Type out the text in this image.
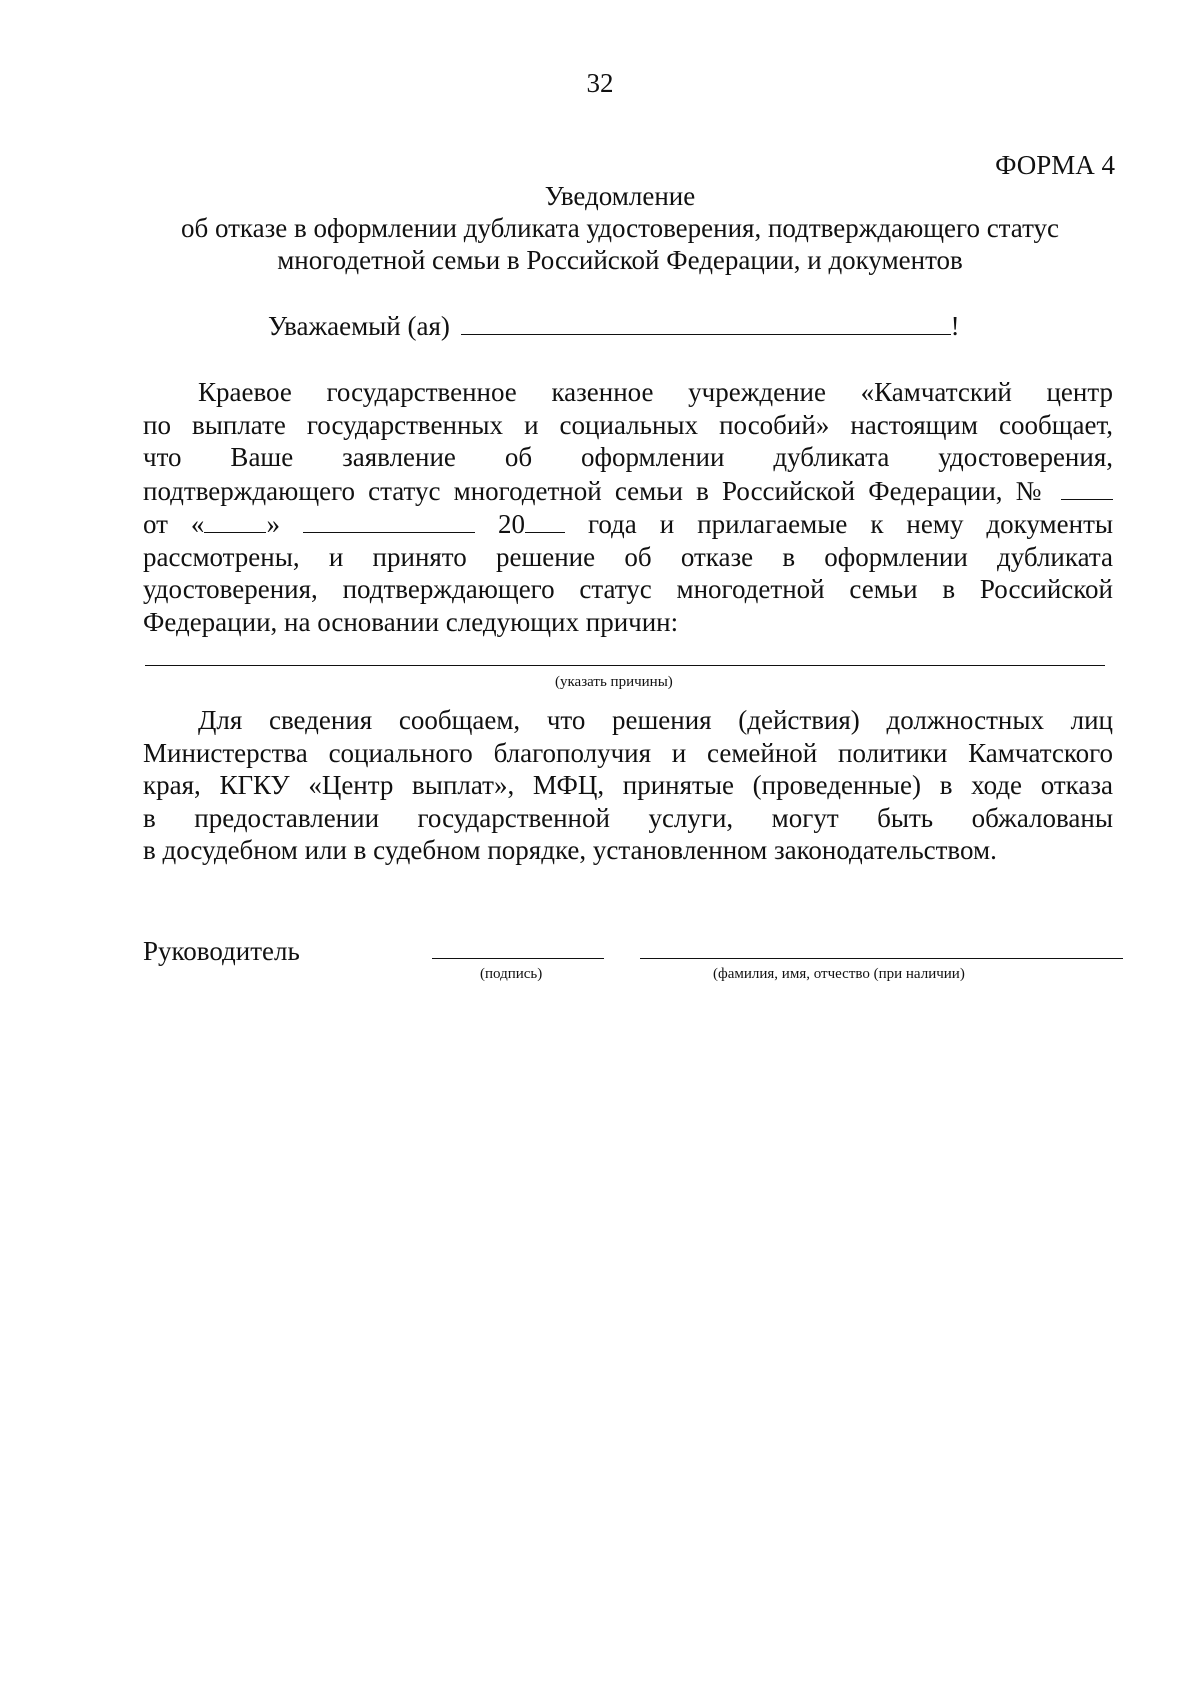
32
ФОРМА 4
Уведомление
об отказе в оформлении дубликата удостоверения, подтверждающего статус
многодетной семьи в Российской Федерации, и документов
Уважаемый (ая)	!
Краевое государственное казенное учреждение «Камчатский центр
по выплате государственных и социальных пособий» настоящим сообщает,
что Ваше заявление об оформлении дубликата удостоверения,
подтверждающего статус многодетной семьи в Российской Федерации, №
от « »	20 года и прилагаемые к нему документы
рассмотрены, и принято решение об отказе в оформлении дубликата
удостоверения, подтверждающего статус многодетной семьи в Российской
Федерации, на основании следующих причин:
(указать причины)
Для сведения сообщаем, что решения (действия) должностных лиц
Министерства социального благополучия и семейной политики Камчатского
края, КГКУ «Центр выплат», МФЦ, принятые (проведенные) в ходе отказа
в предоставлении государственной услуги, могут быть обжалованы
в досудебном или в судебном порядке, установленном законодательством.
Руководитель
(подпись)	(фамилия, имя, отчество (при наличии)
